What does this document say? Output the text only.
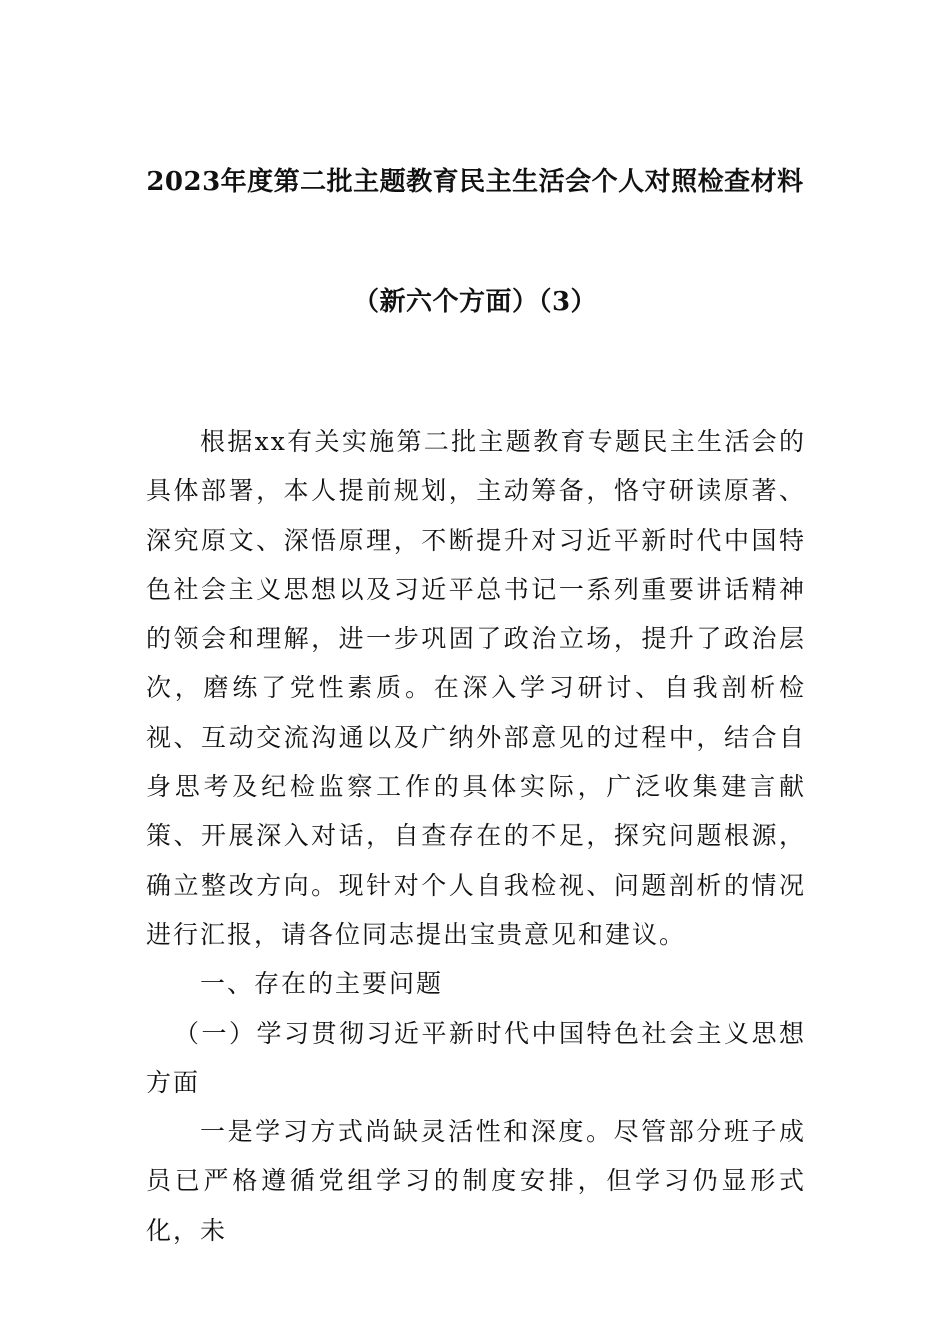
2023年度第二批主题教育民主生活会个人对照检查材料
（新六个方面）（3）

根据xx有关实施第二批主题教育专题民主生活会的具体部署，本人提前规划，主动筹备，恪守研读原著、深究原文、深悟原理，不断提升对习近平新时代中国特色社会主义思想以及习近平总书记一系列重要讲话精神的领会和理解，进一步巩固了政治立场，提升了政治层次，磨练了党性素质。在深入学习研讨、自我剖析检视、互动交流沟通以及广纳外部意见的过程中，结合自身思考及纪检监察工作的具体实际，广泛收集建言献策、开展深入对话，自查存在的不足，探究问题根源，确立整改方向。现针对个人自我检视、问题剖析的情况进行汇报，请各位同志提出宝贵意见和建议。

一、存在的主要问题

（一）学习贯彻习近平新时代中国特色社会主义思想方面

一是学习方式尚缺灵活性和深度。尽管部分班子成员已严格遵循党组学习的制度安排，但学习仍显形式化，未
